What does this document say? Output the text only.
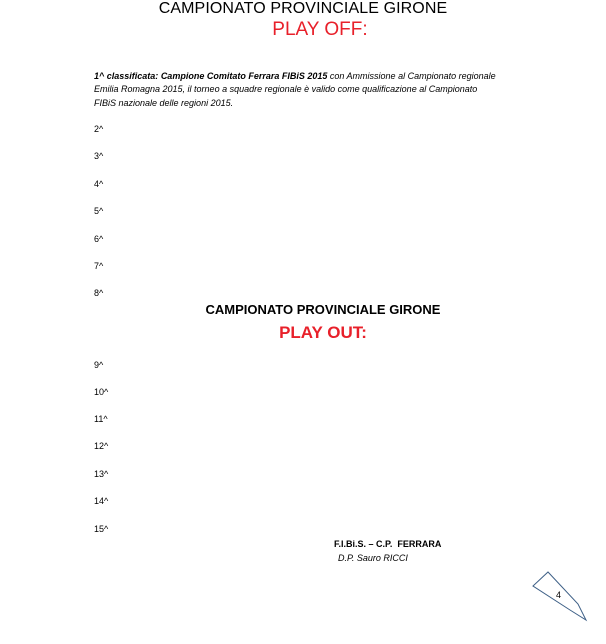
CAMPIONATO PROVINCIALE GIRONE
PLAY OFF:
1^ classificata: Campione Comitato Ferrara FIBiS 2015 con Ammissione al Campionato regionale
Emilia Romagna 2015, il torneo a squadre regionale è valido come qualificazione al Campionato
FIBiS nazionale delle regioni 2015.
2^
3^
4^
5^
6^
7^
8^
CAMPIONATO PROVINCIALE GIRONE
PLAY OUT:
9^
10^
11^
12^
13^
14^
15^
F.I.Bi.S. – C.P.  FERRARA
D.P. Sauro RICCI
4
